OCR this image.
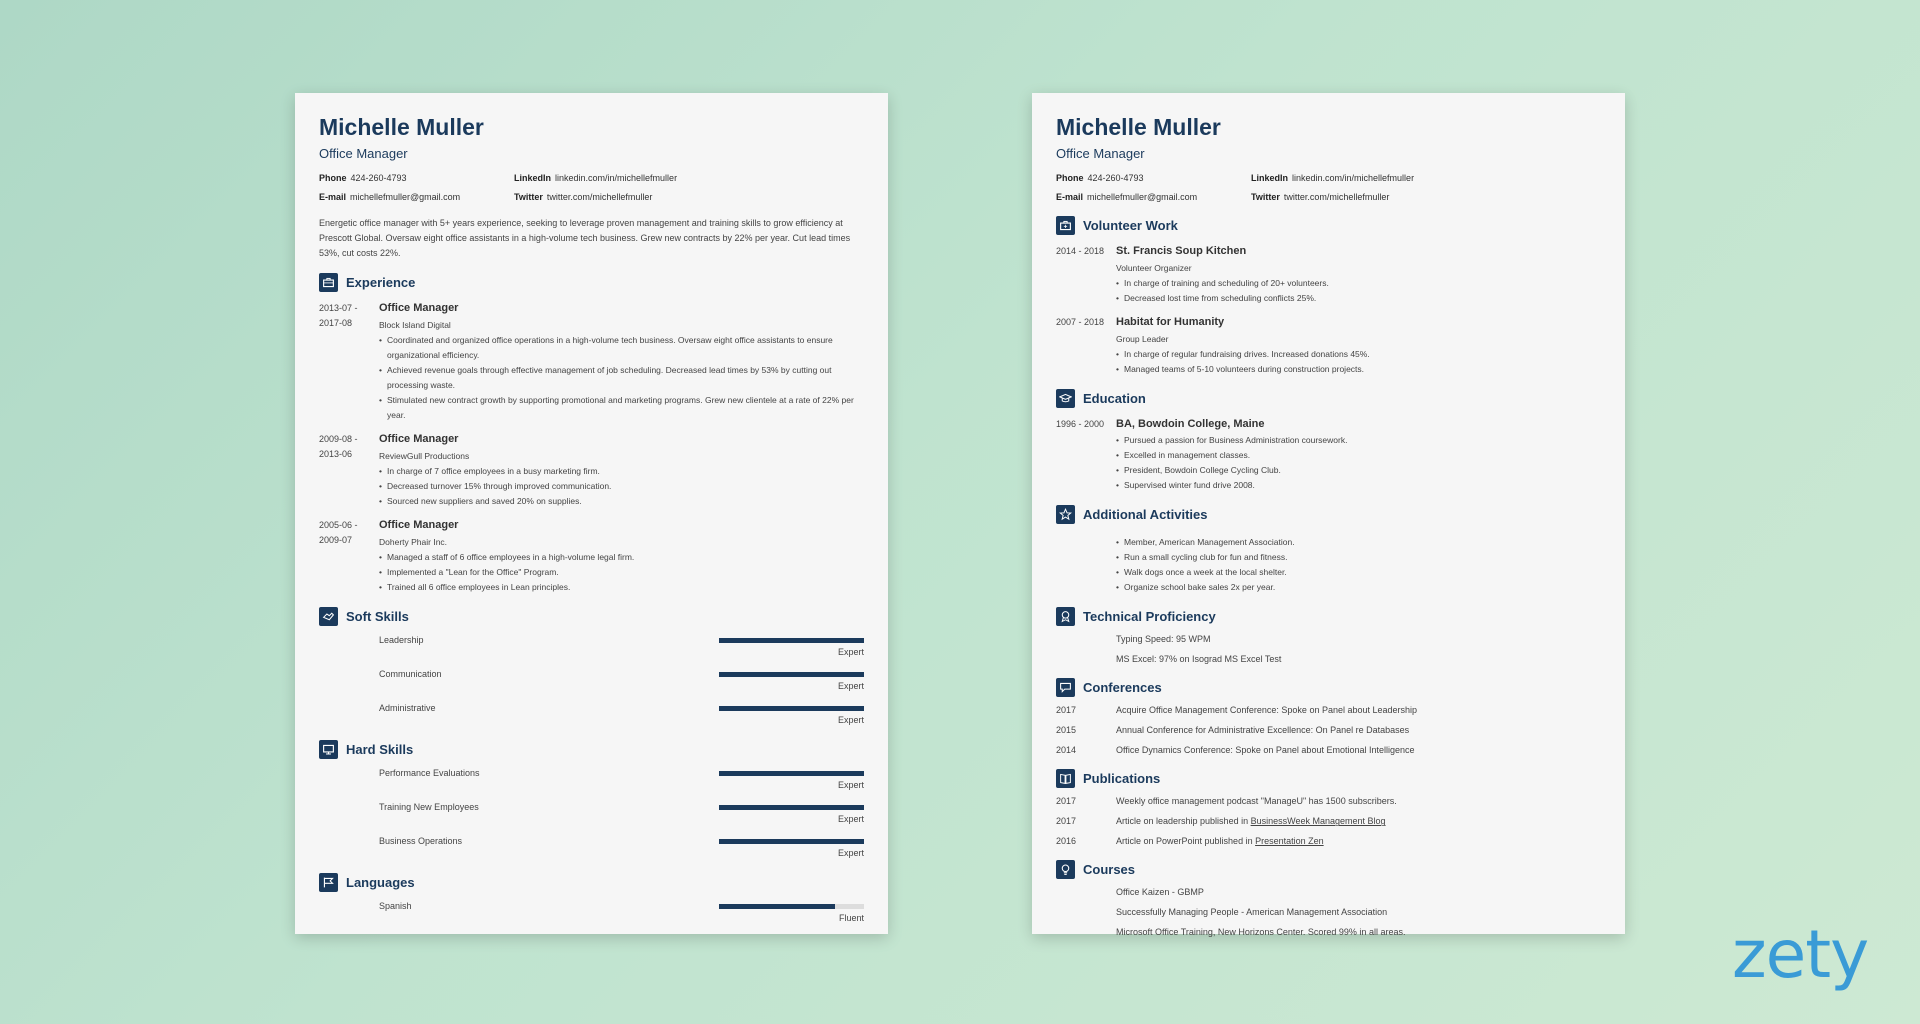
Michelle Muller
Office Manager
Phone 424-260-4793	LinkedIn linkedin.com/in/michellefmuller
E-mail michellefmuller@gmail.com	Twitter twitter.com/michellefmuller
Energetic office manager with 5+ years experience, seeking to leverage proven management and training skills to grow efficiency at Prescott Global. Oversaw eight office assistants in a high-volume tech business. Grew new contracts by 22% per year. Cut lead times 53%, cut costs 22%.
Experience
2013-07 - 2017-08
Office Manager
Block Island Digital
• Coordinated and organized office operations in a high-volume tech business. Oversaw eight office assistants to ensure organizational efficiency.
• Achieved revenue goals through effective management of job scheduling. Decreased lead times by 53% by cutting out processing waste.
• Stimulated new contract growth by supporting promotional and marketing programs. Grew new clientele at a rate of 22% per year.
2009-08 - 2013-06
Office Manager
ReviewGull Productions
• In charge of 7 office employees in a busy marketing firm.
• Decreased turnover 15% through improved communication.
• Sourced new suppliers and saved 20% on supplies.
2005-06 - 2009-07
Office Manager
Doherty Phair Inc.
• Managed a staff of 6 office employees in a high-volume legal firm.
• Implemented a "Lean for the Office" Program.
• Trained all 6 office employees in Lean principles.
Soft Skills
Leadership
Expert
Communication
Expert
Administrative
Expert
Hard Skills
Performance Evaluations
Expert
Training New Employees
Expert
Business Operations
Expert
Languages
Spanish
Fluent
Michelle Muller
Office Manager
Phone 424-260-4793	LinkedIn linkedin.com/in/michellefmuller
E-mail michellefmuller@gmail.com	Twitter twitter.com/michellefmuller
Volunteer Work
2014 - 2018	St. Francis Soup Kitchen
Volunteer Organizer
• In charge of training and scheduling of 20+ volunteers.
• Decreased lost time from scheduling conflicts 25%.
2007 - 2018	Habitat for Humanity
Group Leader
• In charge of regular fundraising drives. Increased donations 45%.
• Managed teams of 5-10 volunteers during construction projects.
Education
1996 - 2000	BA, Bowdoin College, Maine
• Pursued a passion for Business Administration coursework.
• Excelled in management classes.
• President, Bowdoin College Cycling Club.
• Supervised winter fund drive 2008.
Additional Activities
• Member, American Management Association.
• Run a small cycling club for fun and fitness.
• Walk dogs once a week at the local shelter.
• Organize school bake sales 2x per year.
Technical Proficiency
Typing Speed: 95 WPM
MS Excel: 97% on Isograd MS Excel Test
Conferences
2017	Acquire Office Management Conference: Spoke on Panel about Leadership
2015	Annual Conference for Administrative Excellence: On Panel re Databases
2014	Office Dynamics Conference: Spoke on Panel about Emotional Intelligence
Publications
2017	Weekly office management podcast "ManageU" has 1500 subscribers.
2017	Article on leadership published in BusinessWeek Management Blog
2016	Article on PowerPoint published in Presentation Zen
Courses
Office Kaizen - GBMP
Successfully Managing People - American Management Association
Microsoft Office Training, New Horizons Center. Scored 99% in all areas.	zety
